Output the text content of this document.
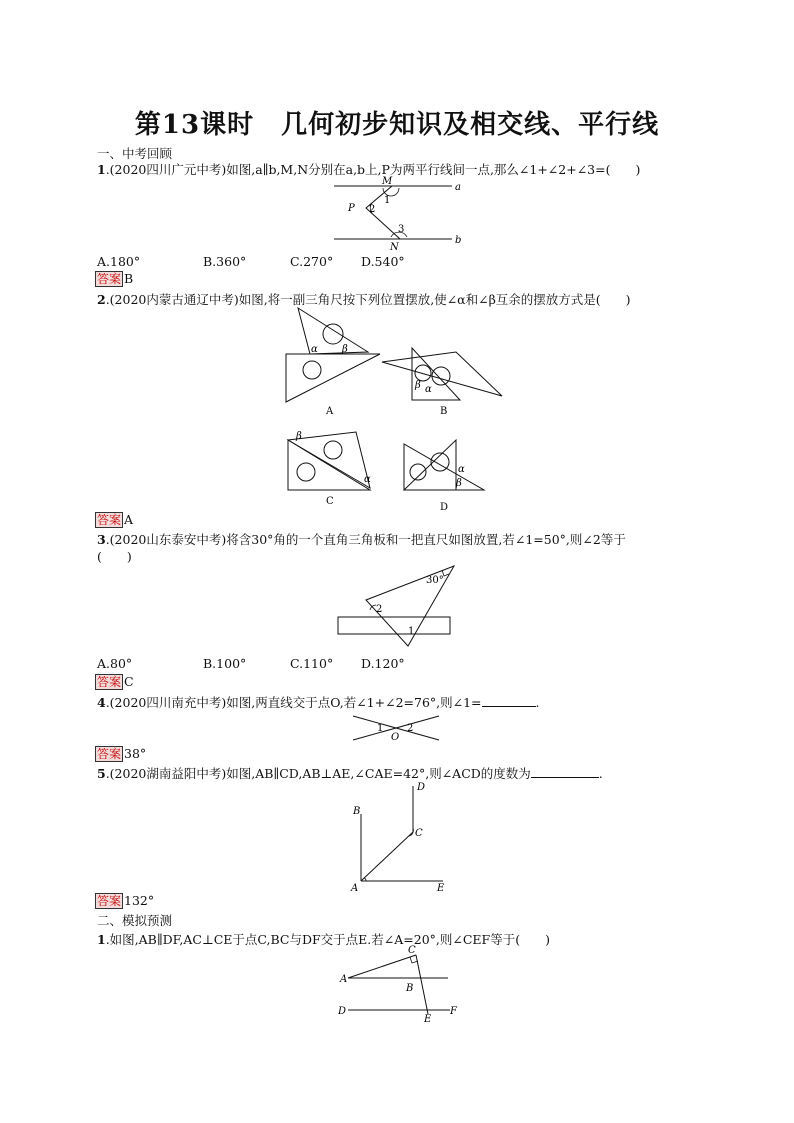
第13课时　几何初步知识及相交线、平行线
一、中考回顾
1.(2020四川广元中考)如图,a∥b,M,N分别在a,b上,P为两平行线间一点,那么∠1+∠2+∠3=(　　)
M
P
N
a
b
1
2
3
A.180°	B.360°	C.270° D.540°
答案 B
2.(2020内蒙古通辽中考)如图,将一副三角尺按下列位置摆放,使∠α和∠β互余的摆放方式是(　　)
α β
A
β α
B
β
α
C
α
β
D
答案 A
3.(2020山东泰安中考)将含30°角的一个直角三角板和一把直尺如图放置,若∠1=50°,则∠2等于
(　　)
30°
2
1
A.80°	B.100°	C.110° D.120°
答案 C
4.(2020四川南充中考)如图,两直线交于点O,若∠1+∠2=76°,则∠1=	.
1 2
O
答案 38°
5.(2020湖南益阳中考)如图,AB∥CD,AB⊥AE,∠CAE=42°,则∠ACD的度数为	.
B
D
C
A	E
答案 132°
二、模拟预测
1.如图,AB∥DF,AC⊥CE于点C,BC与DF交于点E.若∠A=20°,则∠CEF等于(　　)
A
B
C
D
E
F
